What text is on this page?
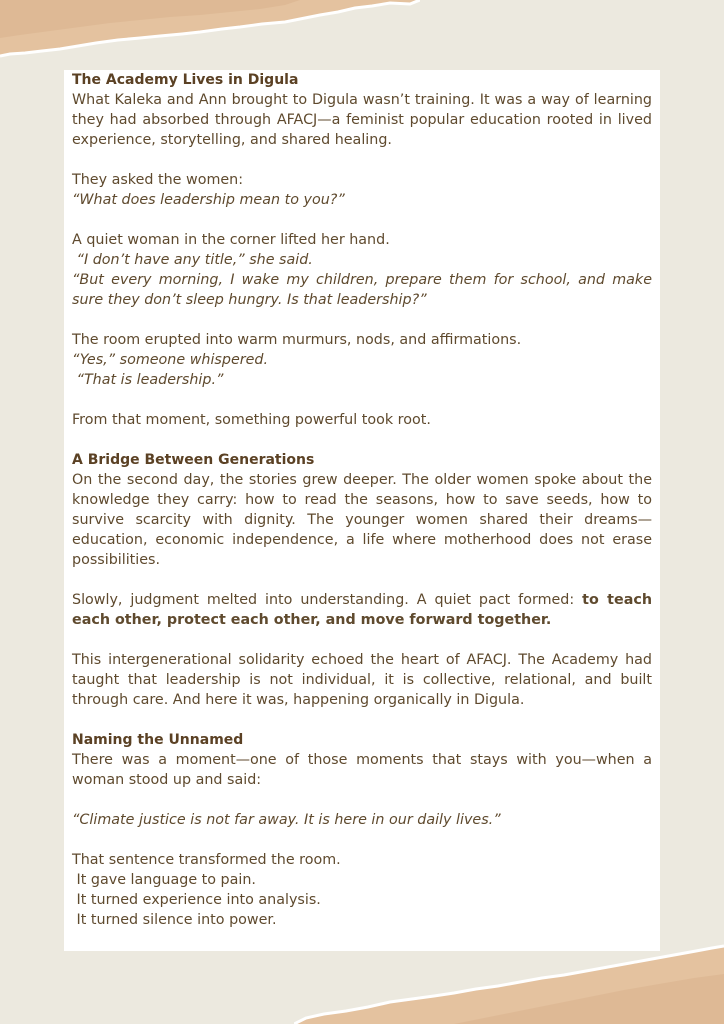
The Academy Lives in Digula

What Kaleka and Ann brought to Digula wasn’t training. It was a way of learning they had absorbed through AFACJ—a feminist popular education rooted in lived experience, storytelling, and shared healing.

They asked the women:

“What does leadership mean to you?”

A quiet woman in the corner lifted her hand.

“I don’t have any title,” she said.

“But every morning, I wake my children, prepare them for school, and make sure they don’t sleep hungry. Is that leadership?”

The room erupted into warm murmurs, nods, and affirmations.

“Yes,” someone whispered.

“That is leadership.”

From that moment, something powerful took root.

A Bridge Between Generations

On the second day, the stories grew deeper. The older women spoke about the knowledge they carry: how to read the seasons, how to save seeds, how to survive scarcity with dignity. The younger women shared their dreams—education, economic independence, a life where motherhood does not erase possibilities.

Slowly, judgment melted into understanding. A quiet pact formed: to teach each other, protect each other, and move forward together.

This intergenerational solidarity echoed the heart of AFACJ. The Academy had taught that leadership is not individual, it is collective, relational, and built through care. And here it was, happening organically in Digula.

Naming the Unnamed

There was a moment—one of those moments that stays with you—when a woman stood up and said:

“Climate justice is not far away. It is here in our daily lives.”

That sentence transformed the room.

It gave language to pain.

It turned experience into analysis.

It turned silence into power.
